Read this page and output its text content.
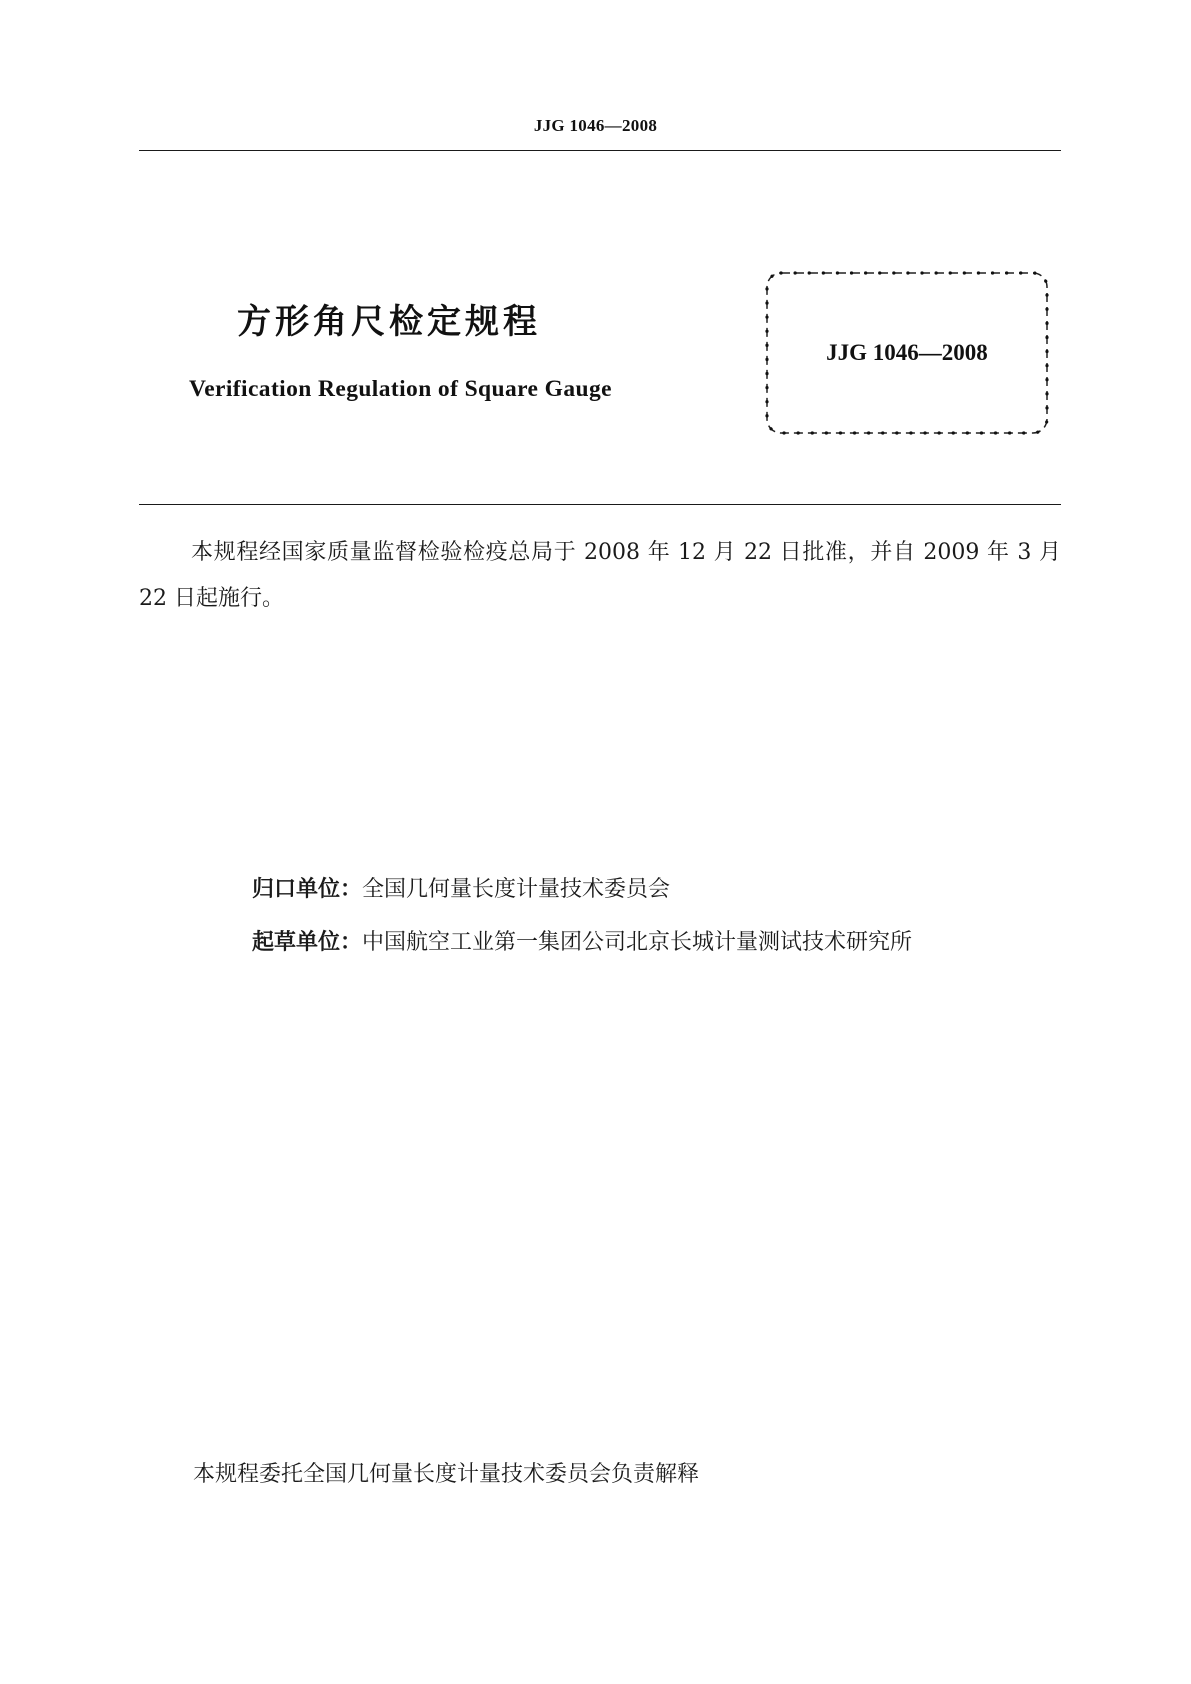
JJG 1046—2008
方形角尺检定规程
Verification Regulation of Square Gauge
JJG 1046—2008
本规程经国家质量监督检验检疫总局于 2008 年 12 月 22 日批准，并自 2009 年 3 月 22 日起施行。
归口单位：全国几何量长度计量技术委员会
起草单位：中国航空工业第一集团公司北京长城计量测试技术研究所
本规程委托全国几何量长度计量技术委员会负责解释
